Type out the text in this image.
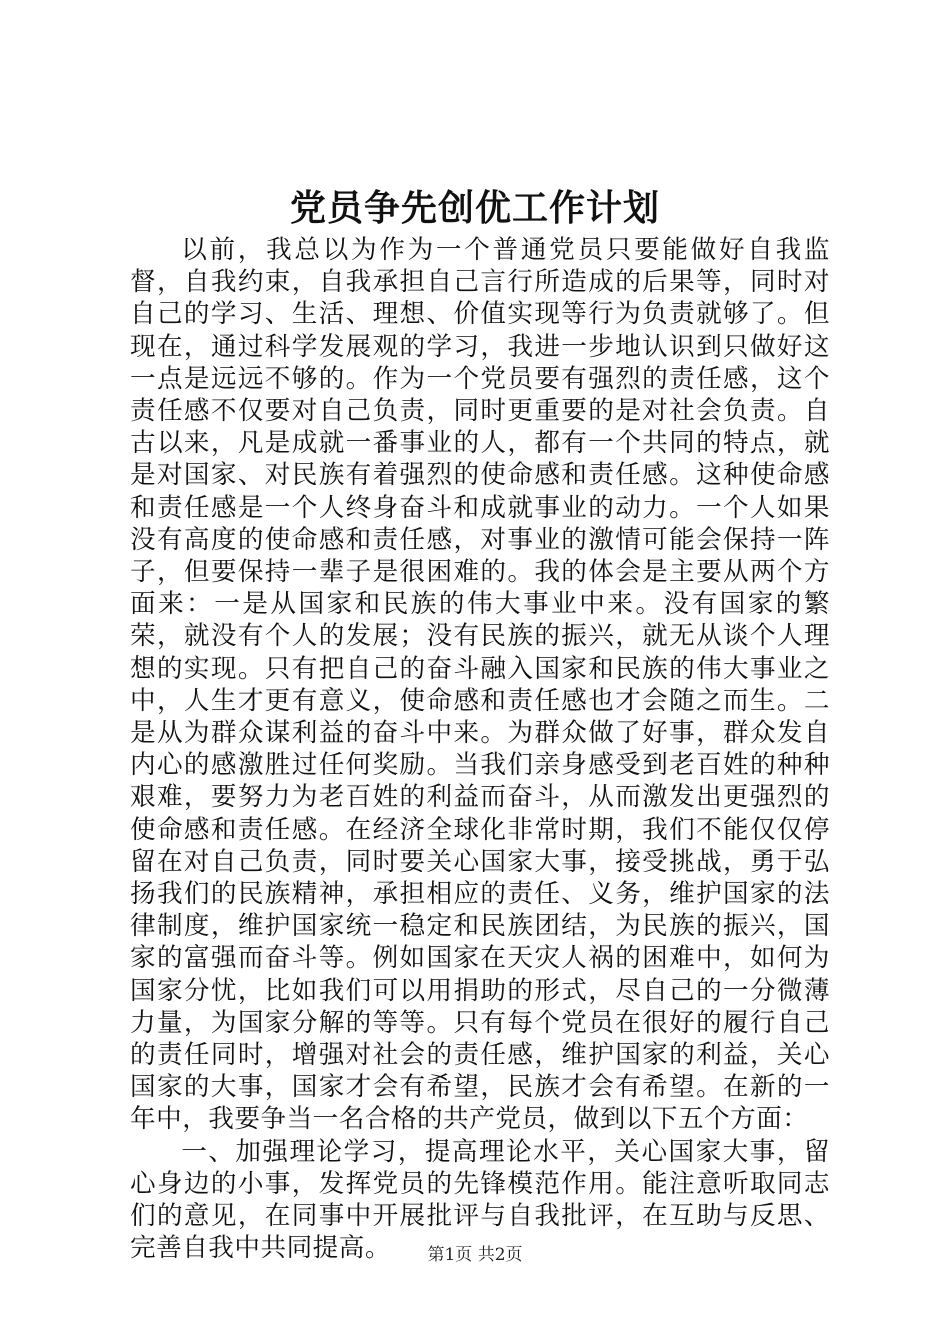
党员争先创优工作计划

以前，我总以为作为一个普通党员只要能做好自我监督，自我约束，自我承担自己言行所造成的后果等，同时对自己的学习、生活、理想、价值实现等行为负责就够了。但现在，通过科学发展观的学习，我进一步地认识到只做好这一点是远远不够的。作为一个党员要有强烈的责任感，这个责任感不仅要对自己负责，同时更重要的是对社会负责。自古以来，凡是成就一番事业的人，都有一个共同的特点，就是对国家、对民族有着强烈的使命感和责任感。这种使命感和责任感是一个人终身奋斗和成就事业的动力。一个人如果没有高度的使命感和责任感，对事业的激情可能会保持一阵子，但要保持一辈子是很困难的。我的体会是主要从两个方面来：一是从国家和民族的伟大事业中来。没有国家的繁荣，就没有个人的发展；没有民族的振兴，就无从谈个人理想的实现。只有把自己的奋斗融入国家和民族的伟大事业之中，人生才更有意义，使命感和责任感也才会随之而生。二是从为群众谋利益的奋斗中来。为群众做了好事，群众发自内心的感激胜过任何奖励。当我们亲身感受到老百姓的种种艰难，要努力为老百姓的利益而奋斗，从而激发出更强烈的使命感和责任感。在经济全球化非常时期，我们不能仅仅停留在对自己负责，同时要关心国家大事，接受挑战，勇于弘扬我们的民族精神，承担相应的责任、义务，维护国家的法律制度，维护国家统一稳定和民族团结，为民族的振兴，国家的富强而奋斗等。例如国家在天灾人祸的困难中，如何为国家分忧，比如我们可以用捐助的形式，尽自己的一分微薄力量，为国家分解的等等。只有每个党员在很好的履行自己的责任同时，增强对社会的责任感，维护国家的利益，关心国家的大事，国家才会有希望，民族才会有希望。在新的一年中，我要争当一名合格的共产党员，做到以下五个方面：

一、加强理论学习，提高理论水平，关心国家大事，留心身边的小事，发挥党员的先锋模范作用。能注意听取同志们的意见，在同事中开展批评与自我批评，在互助与反思、完善自我中共同提高。	第1页 共2页
